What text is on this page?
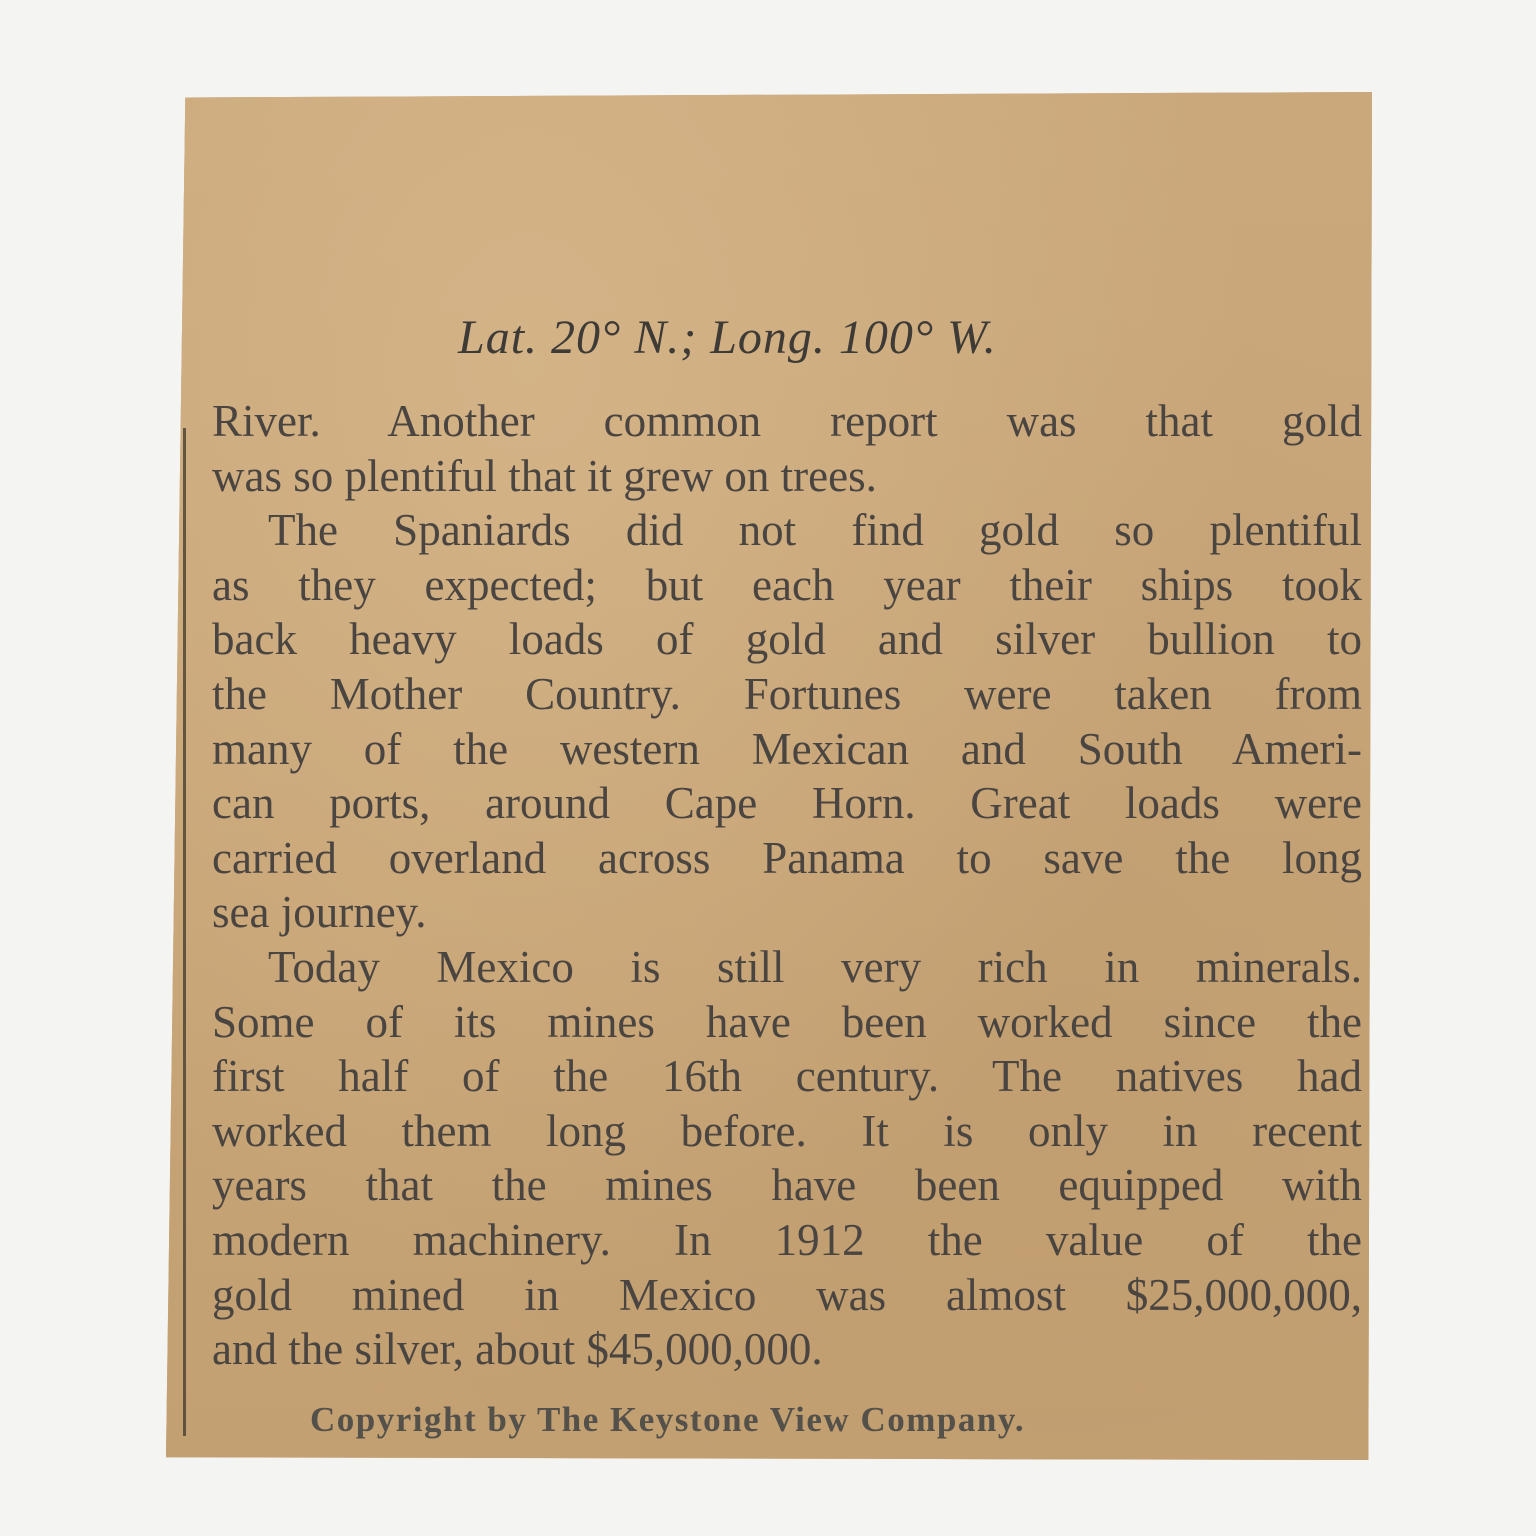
Lat. 20° N.; Long. 100° W.
River. Another common report was that gold
was so plentiful that it grew on trees.
The Spaniards did not find gold so plentiful
as they expected; but each year their ships took
back heavy loads of gold and silver bullion to
the Mother Country. Fortunes were taken from
many of the western Mexican and South Ameri-
can ports, around Cape Horn. Great loads were
carried overland across Panama to save the long
sea journey.
Today Mexico is still very rich in minerals.
Some of its mines have been worked since the
first half of the 16th century. The natives had
worked them long before. It is only in recent
years that the mines have been equipped with
modern machinery. In 1912 the value of the
gold mined in Mexico was almost $25,000,000,
and the silver, about $45,000,000.
Copyright by The Keystone View Company.
